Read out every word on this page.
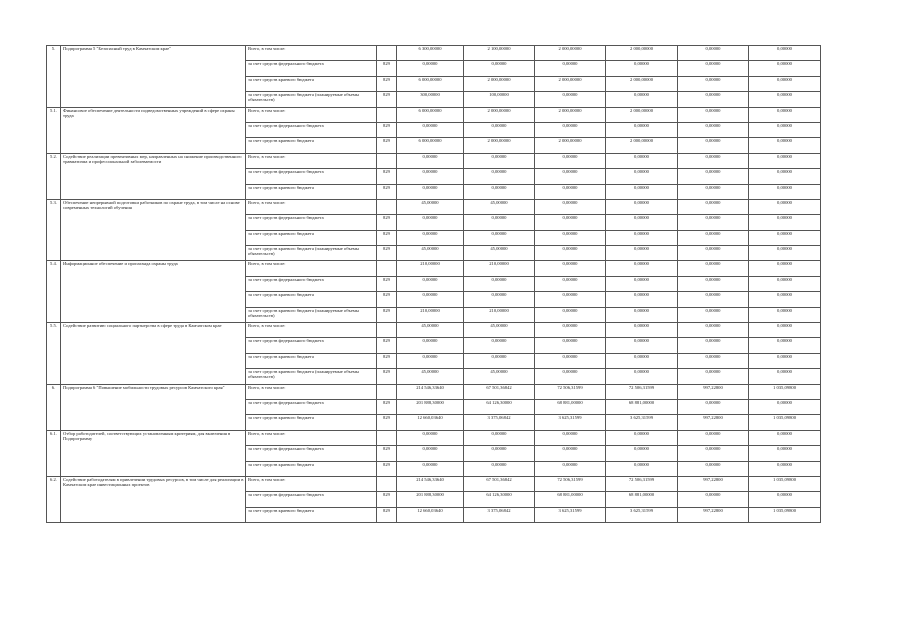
5.	Подпрограмма 5 "Безопасный труд в Камчатском крае"	Всего, в том числе:		6 300,00000	2 100,00000	2 000,00000	2 000,00000	0,00000	0,00000
		за счет средств федерального бюджета	829	0,00000	0,00000	0,00000	0,00000	0,00000	0,00000
		за счет средств краевого бюджета	829	6 000,00000	2 000,00000	2 000,00000	2 000,00000	0,00000	0,00000
		за счет средств краевого бюджета (планируемые объемы обязательств)	829	300,00000	100,00000	0,00000	0,00000	0,00000	0,00000
5.1.	Финансовое обеспечение деятельности подведомственных учреждений в сфере охраны труда	Всего, в том числе:		6 000,00000	2 000,00000	2 000,00000	2 000,00000	0,00000	0,00000
		за счет средств федерального бюджета	829	0,00000	0,00000	0,00000	0,00000	0,00000	0,00000
		за счет средств краевого бюджета	829	6 000,00000	2 000,00000	2 000,00000	2 000,00000	0,00000	0,00000
5.2.	Содействие реализации превентивных мер, направленных на снижение производственного травматизма и профессиональной заболеваемости	Всего, в том числе:		0,00000	0,00000	0,00000	0,00000	0,00000	0,00000
		за счет средств федерального бюджета	829	0,00000	0,00000	0,00000	0,00000	0,00000	0,00000
		за счет средств краевого бюджета	829	0,00000	0,00000	0,00000	0,00000	0,00000	0,00000
5.3.	Обеспечение непрерывной подготовки работников по охране труда, в том числе на основе современных технологий обучения	Всего, в том числе:		45,00000	45,00000	0,00000	0,00000	0,00000	0,00000
		за счет средств федерального бюджета	829	0,00000	0,00000	0,00000	0,00000	0,00000	0,00000
		за счет средств краевого бюджета	829	0,00000	0,00000	0,00000	0,00000	0,00000	0,00000
		за счет средств краевого бюджета (планируемые объемы обязательств)	829	45,00000	45,00000	0,00000	0,00000	0,00000	0,00000
5.4.	Информационное обеспечение и пропаганда охраны труда	Всего, в том числе:		210,00000	210,00000	0,00000	0,00000	0,00000	0,00000
		за счет средств федерального бюджета	829	0,00000	0,00000	0,00000	0,00000	0,00000	0,00000
		за счет средств краевого бюджета	829	0,00000	0,00000	0,00000	0,00000	0,00000	0,00000
		за счет средств краевого бюджета (планируемые объемы обязательств)	829	210,00000	210,00000	0,00000	0,00000	0,00000	0,00000
5.5.	Содействие развитию социального партнерства в сфере труда в Камчатском крае	Всего, в том числе:		45,00000	45,00000	0,00000	0,00000	0,00000	0,00000
		за счет средств федерального бюджета	829	0,00000	0,00000	0,00000	0,00000	0,00000	0,00000
		за счет средств краевого бюджета	829	0,00000	0,00000	0,00000	0,00000	0,00000	0,00000
		за счет средств краевого бюджета (планируемые объемы обязательств)	829	45,00000	45,00000	0,00000	0,00000	0,00000	0,00000
6.	Подпрограмма 6 "Повышение мобильности трудовых ресурсов Камчатского края"	Всего, в том числе:		214 546,33640	67 501,36842	72 506,31599	72 506,31599	997,22800	1 035,09800
		за счет средств федерального бюджета	829	201 888,30000	64 126,30000	68 881,00000	68 881,00000	0,00000	0,00000
		за счет средств краевого бюджета	829	12 660,03640	3 375,06842	3 625,31599	3 625,31599	997,22800	1 035,09800
6.1.	Отбор работодателей, соответствующих установленным критериям, для включения в Подпрограмму	Всего, в том числе:		0,00000	0,00000	0,00000	0,00000	0,00000	0,00000
		за счет средств федерального бюджета	829	0,00000	0,00000	0,00000	0,00000	0,00000	0,00000
		за счет средств краевого бюджета	829	0,00000	0,00000	0,00000	0,00000	0,00000	0,00000
6.2.	Содействие работодателям в привлечении трудовых ресурсов, в том числе для реализации в Камчатском крае инвестиционных проектов	Всего, в том числе:		214 546,33640	67 501,36842	72 506,31599	72 506,31599	997,22800	1 035,09800
		за счет средств федерального бюджета	829	201 888,30000	64 126,30000	68 881,00000	68 881,00000	0,00000	0,00000
		за счет средств краевого бюджета	829	12 660,03640	3 375,06842	3 625,31599	3 625,31599	997,22800	1 035,09800
